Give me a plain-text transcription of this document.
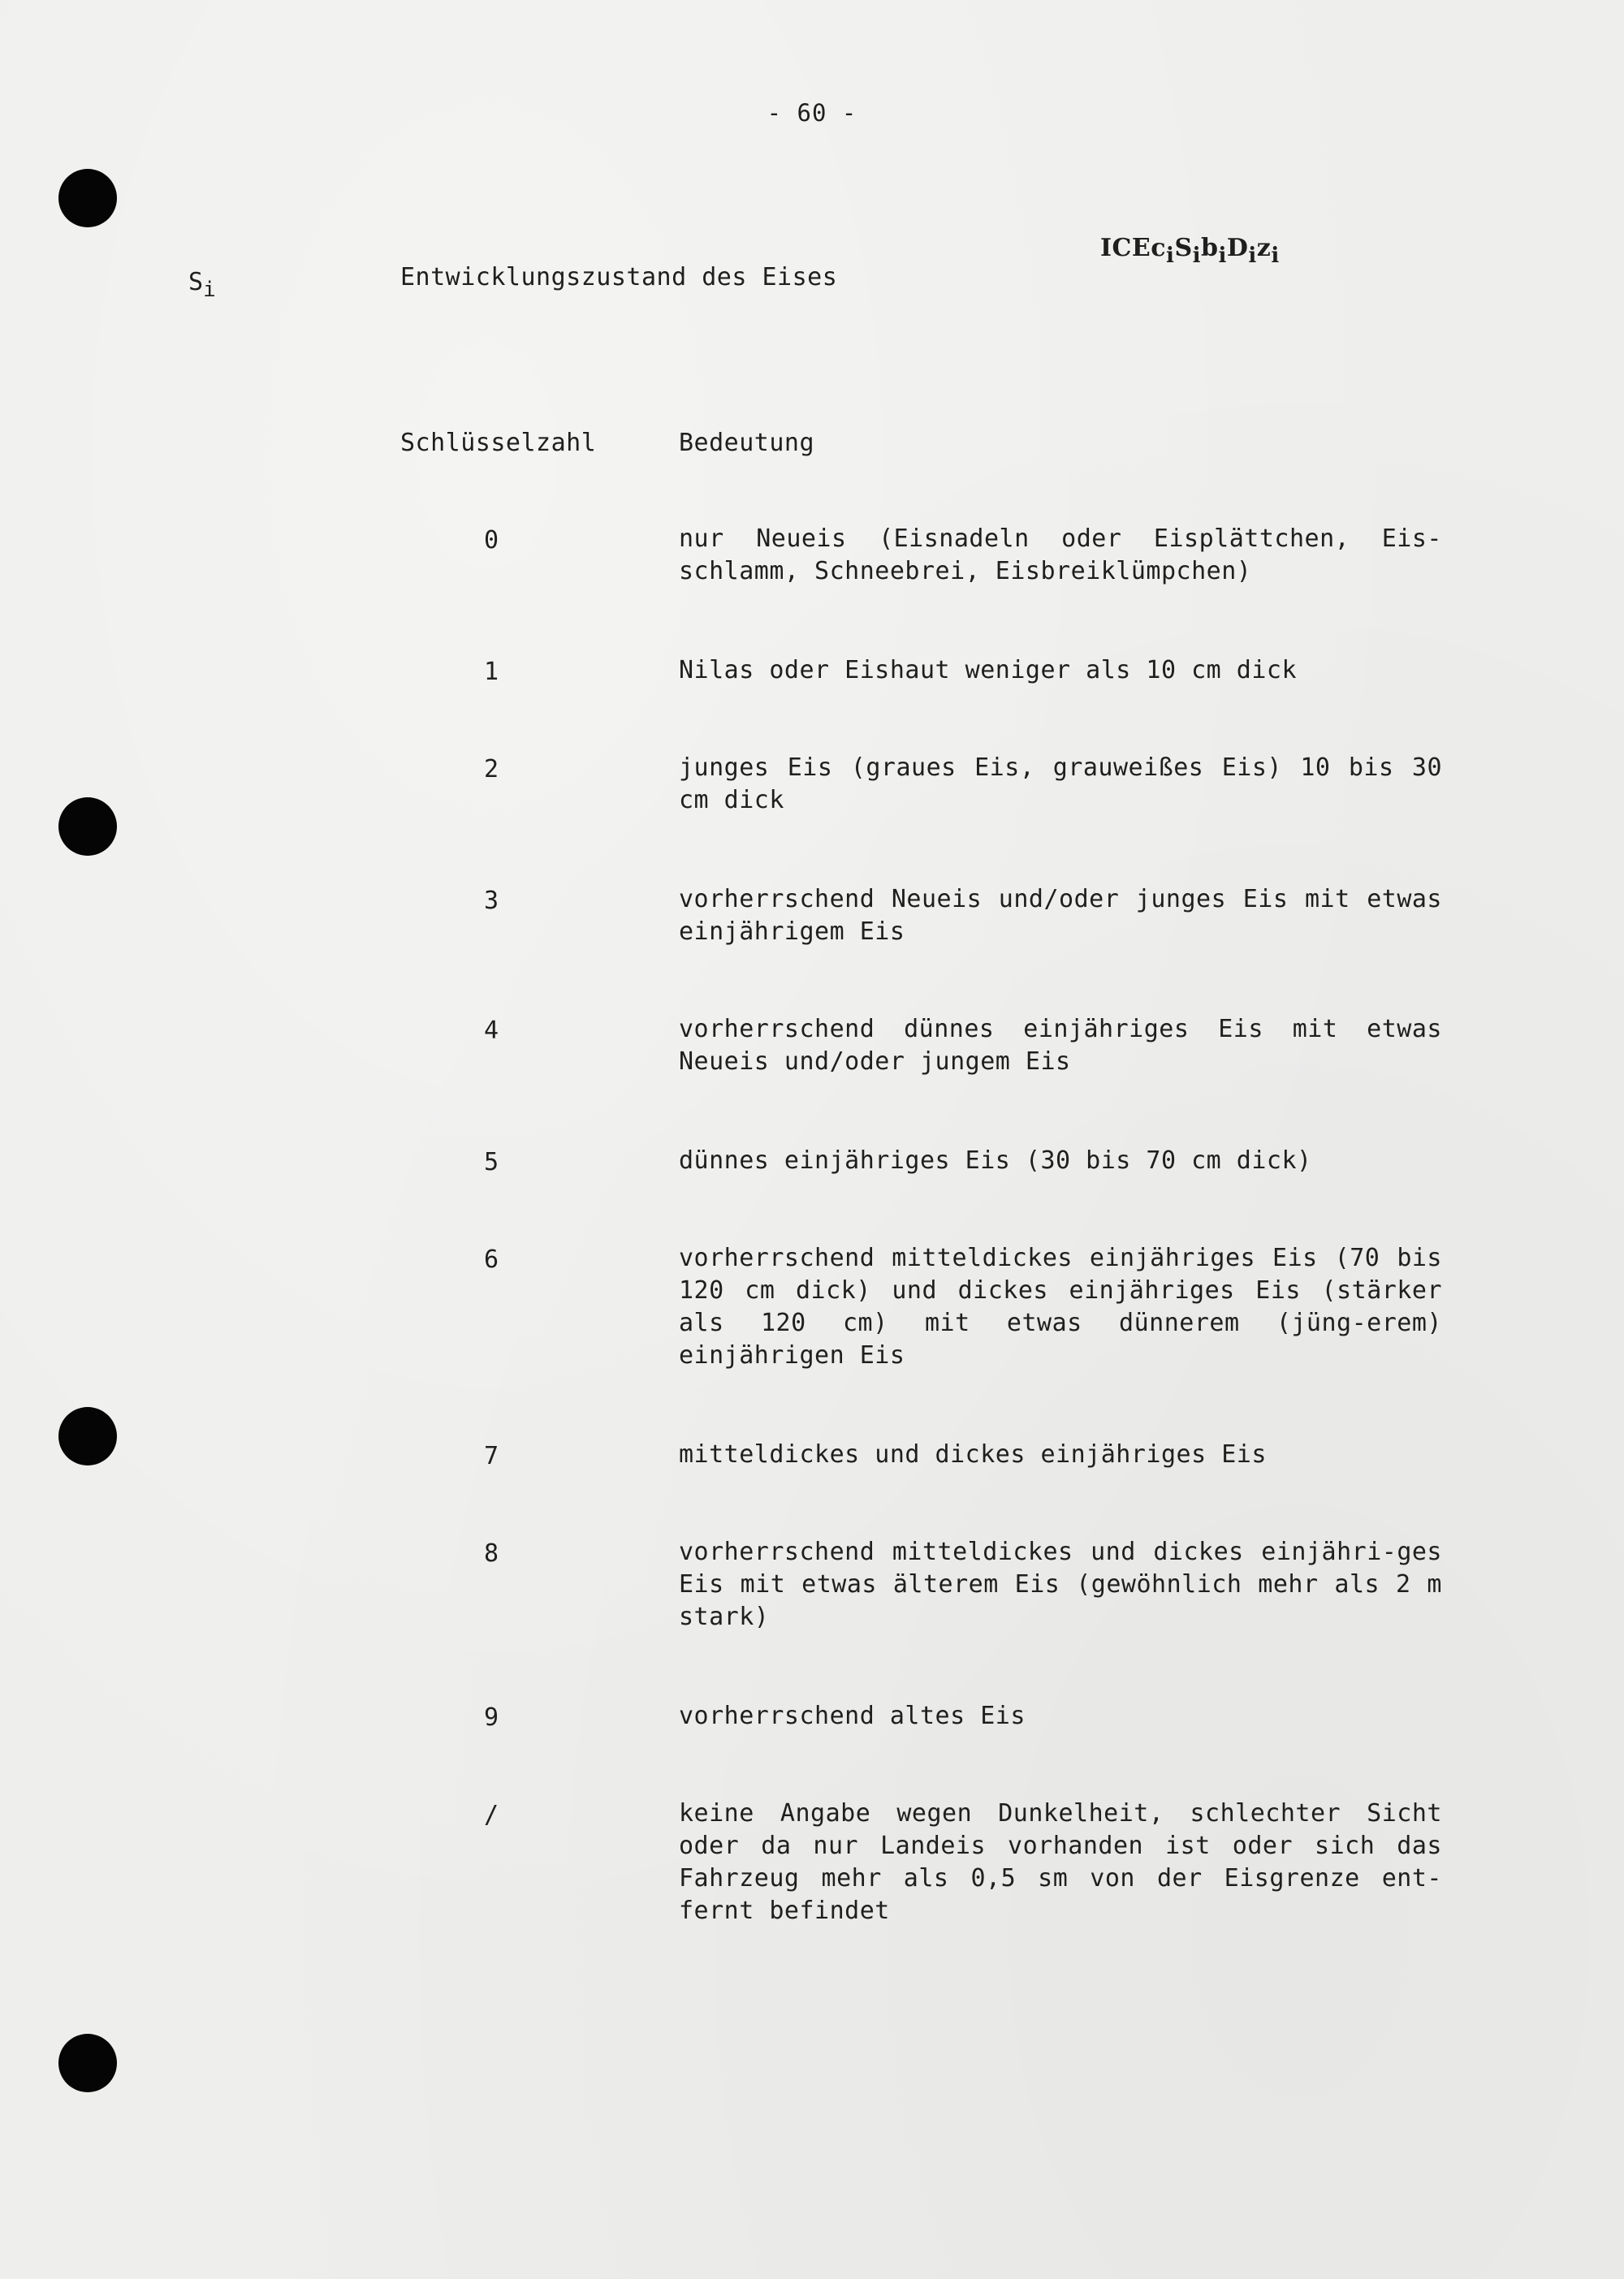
- 60 -
$S_i$	Entwicklungszustand des Eises
$ICEc_iS_ib_iD_iz_i$
Schlüsselzahl	Bedeutung
0	nur Neueis (Eisnadeln oder Eisplättchen, Eis-schlamm, Schneebrei, Eisbreiklümpchen)
1	Nilas oder Eishaut weniger als 10 cm dick
2	junges Eis (graues Eis, grauweißes Eis) 10 bis 30 cm dick
3	vorherrschend Neueis und/oder junges Eis mit etwas einjährigem Eis
4	vorherrschend dünnes einjähriges Eis mit etwas Neueis und/oder jungem Eis
5	dünnes einjähriges Eis (30 bis 70 cm dick)
6	vorherrschend mitteldickes einjähriges Eis (70 bis 120 cm dick) und dickes einjähriges Eis (stärker als 120 cm) mit etwas dünnerem (jüng-erem) einjährigen Eis
7	mitteldickes und dickes einjähriges Eis
8	vorherrschend mitteldickes und dickes einjähri-ges Eis mit etwas älterem Eis (gewöhnlich mehr als 2 m stark)
9	vorherrschend altes Eis
/	keine Angabe wegen Dunkelheit, schlechter Sicht oder da nur Landeis vorhanden ist oder sich das Fahrzeug mehr als 0,5 sm von der Eisgrenze ent-fernt befindet
